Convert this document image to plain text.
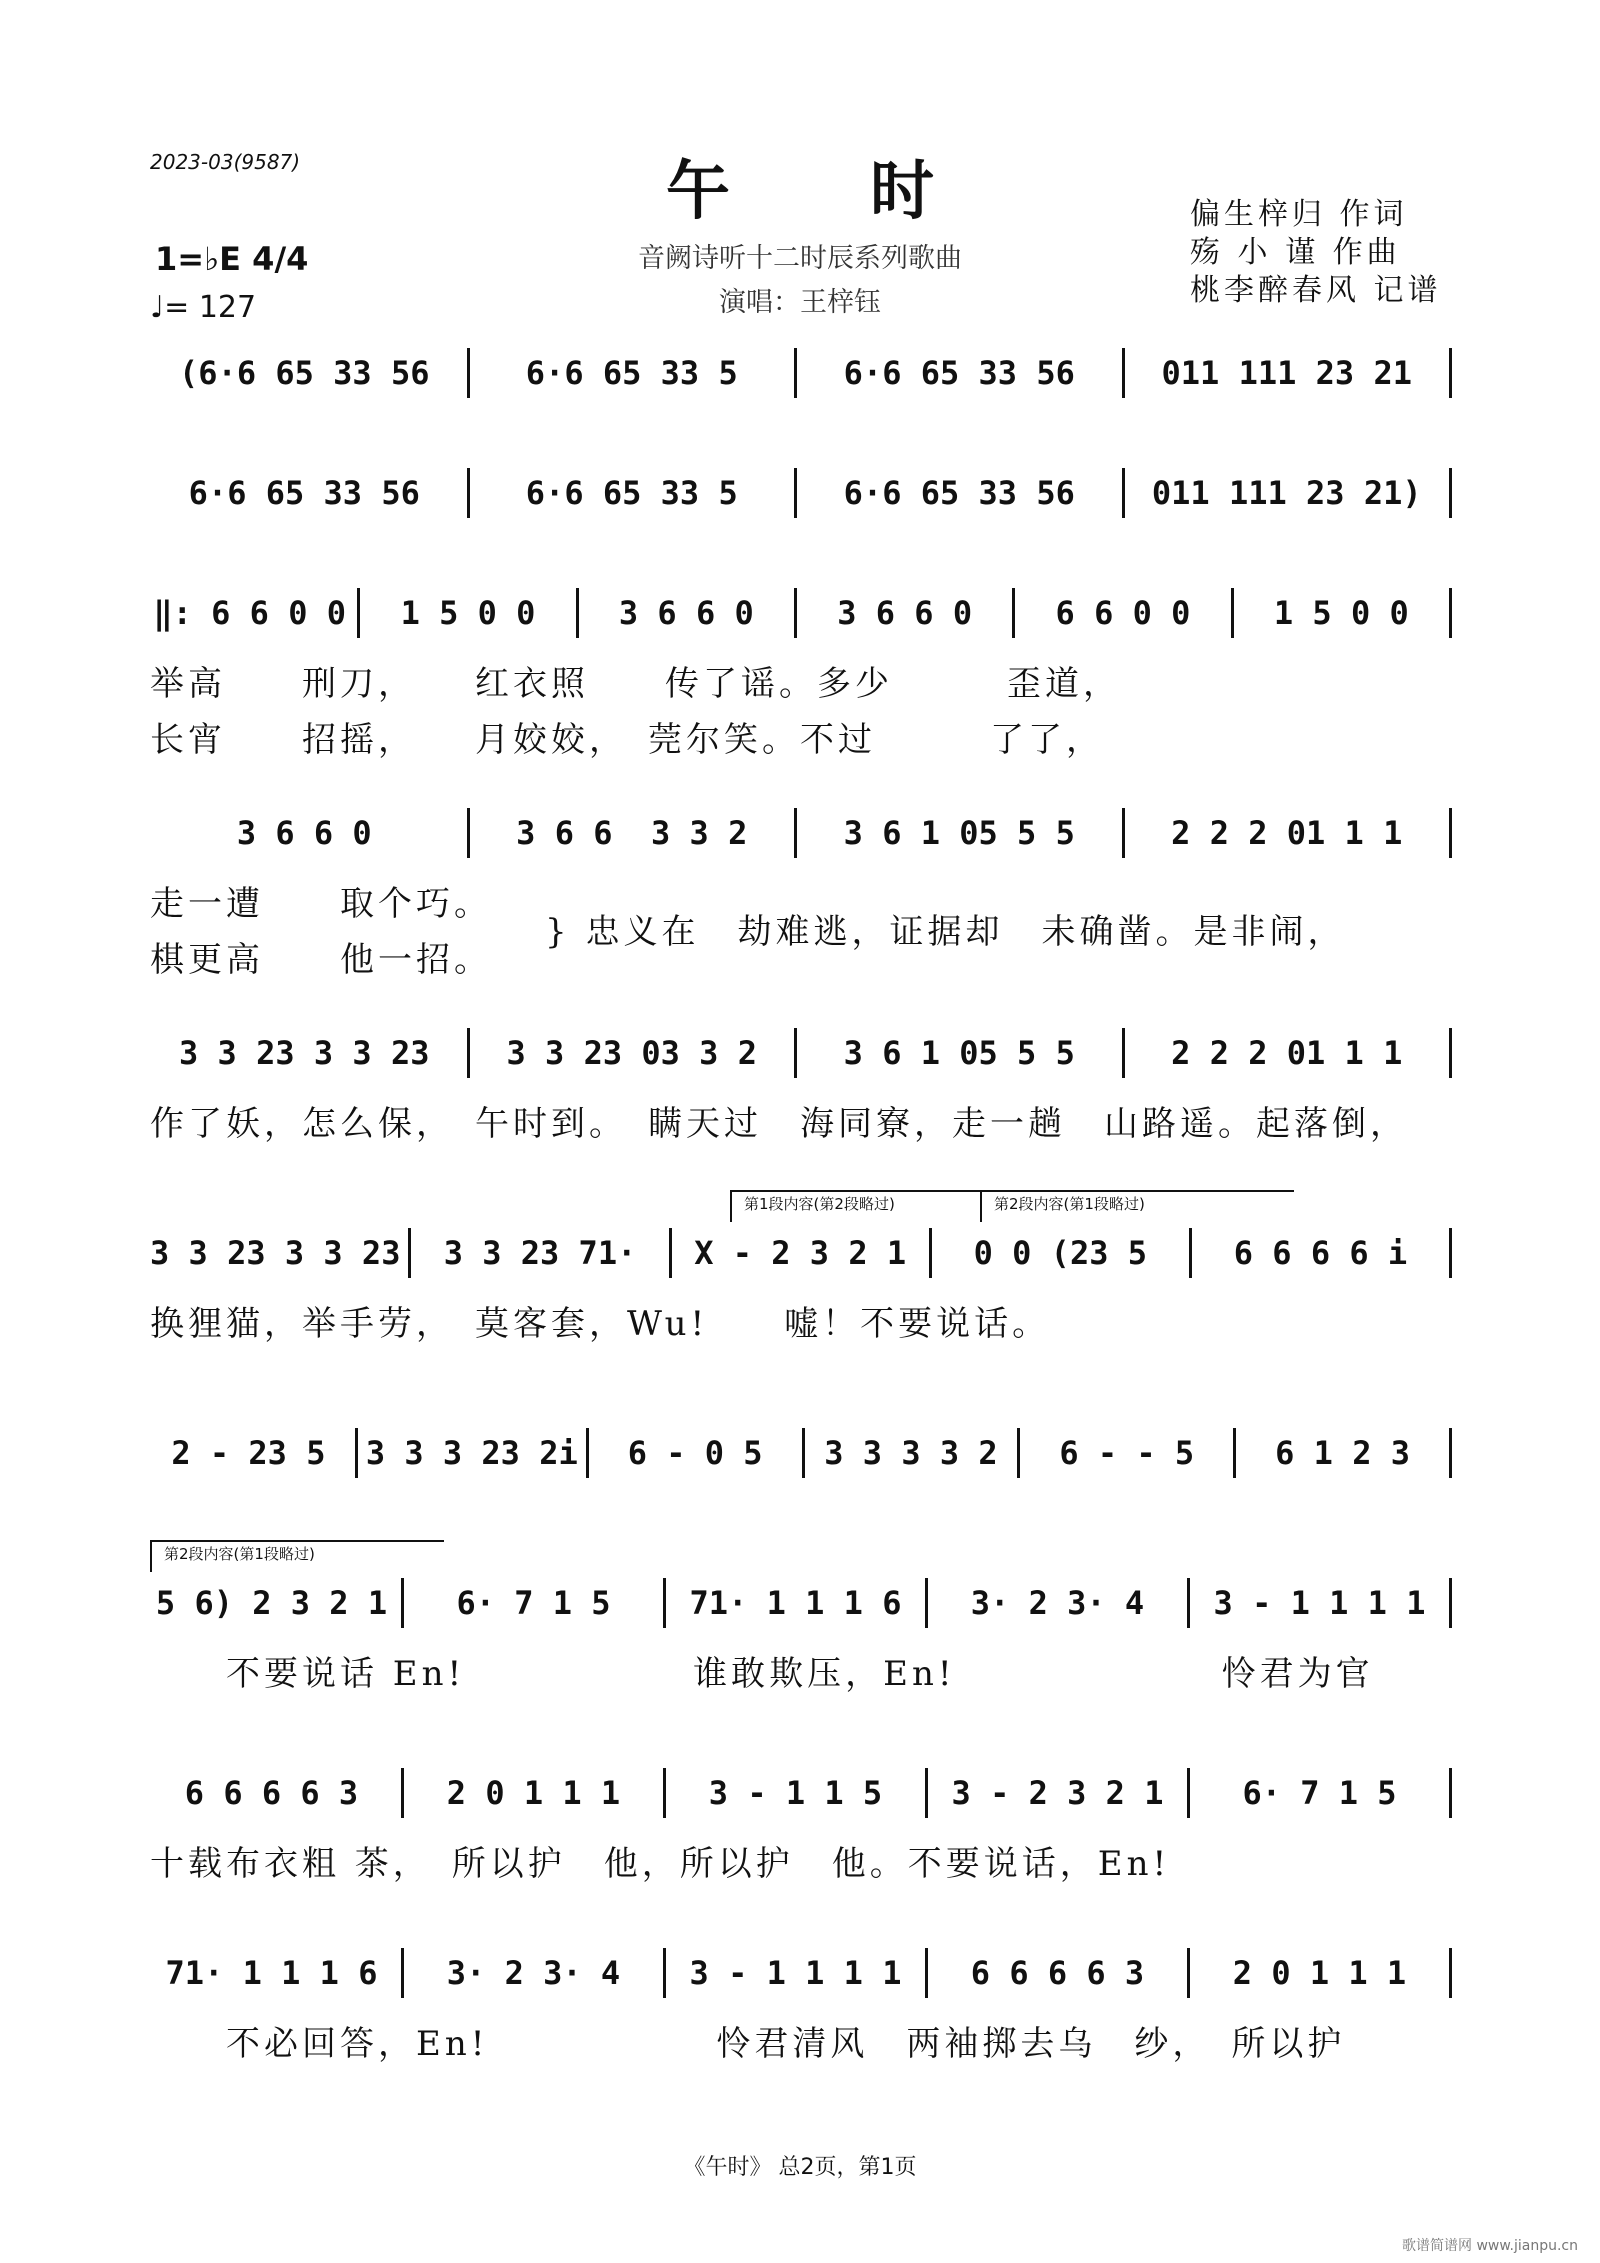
2023-03(9587)	午时
音阙诗听十二时辰系列歌曲
演唱：王梓钰
1=♭E 4/4
♩= 127
偏生梓归 作词
殇 小 谨 作曲
桃李醉春风 记谱
(6·6 65 33 56	6·6 65 33 5	6·6 65 33 56	011 111 23 21
6·6 65 33 56	6·6 65 33 5	6·6 65 33 56	011 111 23 21)
‖: 6 6 0 0	1 5 0 0	3 6 6 0	3 6 6 0	6 6 0 0	1 5 0 0
举高　　刑刀，　　红衣照　　传了谣。多少　　　歪道，
长宵　　招摇，　　月姣姣，　莞尔笑。不过　　　了了，
3 6 6 0	3 6 6  3 3 2	3 6 1 05 5 5	2 2 2 01 1 1
走一遭　　取个巧。
棋更高　　他一招。
} 忠义在　劫难逃，证据却　未确凿。是非闹，
3 3 23 3 3 23	3 3 23 03 3 2	3 6 1 05 5 5	2 2 2 01 1 1
作了妖，怎么保，　午时到。　瞒天过　海同寮，走一趟　山路遥。起落倒，
第1段内容(第2段略过)	第2段内容(第1段略过)
3 3 23 3 3 23	3 3 23 71·	X - 2 3 2 1	0 0 (23 5	6 6 6 6 i
换狸猫，举手劳，　莫客套，Wu!　　嘘！不要说话。
2 - 23 5	3 3 3 23 2i	6 - 0 5	3 3 3 3 2	6 - - 5	6 1 2 3
第2段内容(第1段略过)
5 6) 2 3 2 1	6· 7 1 5	71· 1 1 1 6	3· 2 3· 4	3 - 1 1 1 1
　　不要说话 En!　　　　　　谁敢欺压，En!　　　　　　　怜君为官
6 6 6 6 3	2 0 1 1 1	3 - 1 1 5	3 - 2 3 2 1	6· 7 1 5
十载布衣粗 茶，　所以护　他，所以护　他。不要说话，En!
71· 1 1 1 6	3· 2 3· 4	3 - 1 1 1 1	6 6 6 6 3	2 0 1 1 1
　　不必回答，En!　　　　　　怜君清风　两袖掷去乌　纱，　所以护
《午时》 总2页，第1页
歌谱简谱网 www.jianpu.cn
